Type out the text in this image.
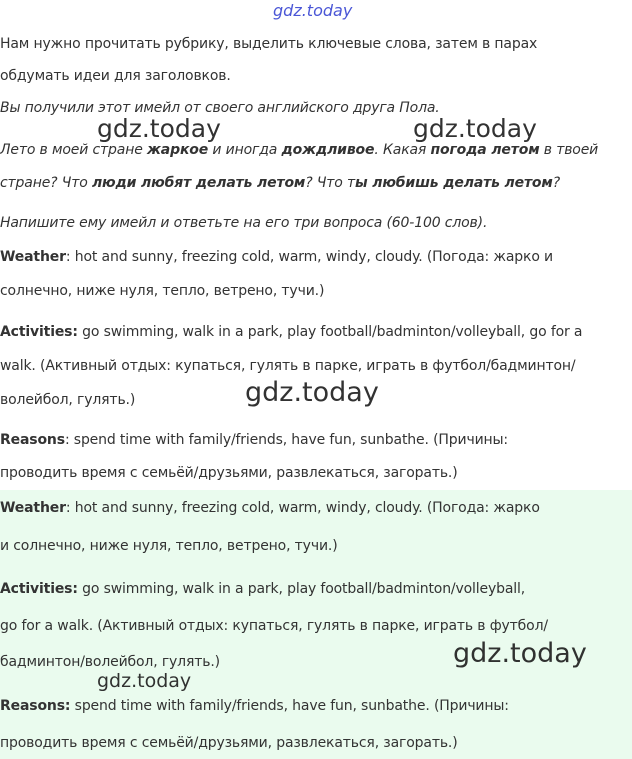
gdz.today
Нам нужно прочитать рубрику, выделить ключевые слова, затем в парах
обдумать идеи для заголовков.
Вы получили этот имейл от своего английского друга Пола.
Лето в моей стране жаркое и иногда дождливое. Какая погода летом в твоей
стране? Что люди любят делать летом? Что ты любишь делать летом?
Напишите ему имейл и ответьте на его три вопроса (60-100 слов).
Weather: hot and sunny, freezing cold, warm, windy, cloudy. (Погода: жарко и
солнечно, ниже нуля, тепло, ветрено, тучи.)
Activities: go swimming, walk in a park, play football/badminton/volleyball, go for a
walk. (Активный отдых: купаться, гулять в парке, играть в футбол/бадминтон/
волейбол, гулять.)
Reasons: spend time with family/friends, have fun, sunbathe. (Причины:
проводить время с семьёй/друзьями, развлекаться, загорать.)
Weather: hot and sunny, freezing cold, warm, windy, cloudy. (Погода: жарко
и солнечно, ниже нуля, тепло, ветрено, тучи.)
Activities: go swimming, walk in a park, play football/badminton/volleyball,
go for a walk. (Активный отдых: купаться, гулять в парке, играть в футбол/
бадминтон/волейбол, гулять.)
Reasons: spend time with family/friends, have fun, sunbathe. (Причины:
проводить время с семьёй/друзьями, развлекаться, загорать.)
gdz.today	gdz.today
gdz.today
gdz.today
gdz.today
